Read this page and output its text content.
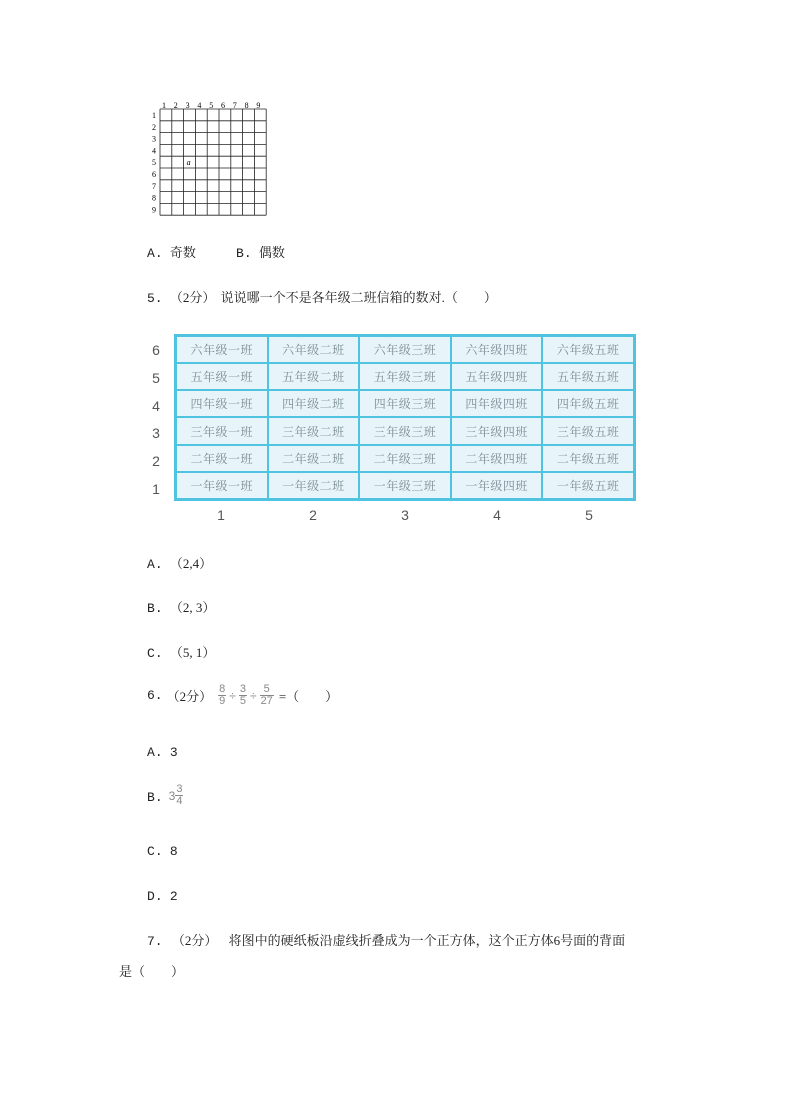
1 2 3 4 5 6 7 8 9
1
2
3
4
5
6
7
8
9
a
A. 奇数	B. 偶数
5. （2分） 说说哪一个不是各年级二班信箱的数对.（　　）
6
5
4
3
2
1
六年级一班	六年级二班	六年级三班	六年级四班	六年级五班
五年级一班	五年级二班	五年级三班	五年级四班	五年级五班
四年级一班	四年级二班	四年级三班	四年级四班	四年级五班
三年级一班	三年级二班	三年级三班	三年级四班	三年级五班
二年级一班	二年级二班	二年级三班	二年级四班	二年级五班
一年级一班	一年级二班	一年级三班	一年级四班	一年级五班
1	2	3	4	5
A. （2,4）
B. （2, 3）
C. （5, 1）
6. （2分） $\frac{8}{9} \div \frac{3}{5} \div \frac{5}{27}$ =（　　）
A. 3
B. $3 \frac{3}{4}$
C. 8
D. 2
7. （2分） 将图中的硬纸板沿虚线折叠成为一个正方体，这个正方体6号面的背面
是（　　）
